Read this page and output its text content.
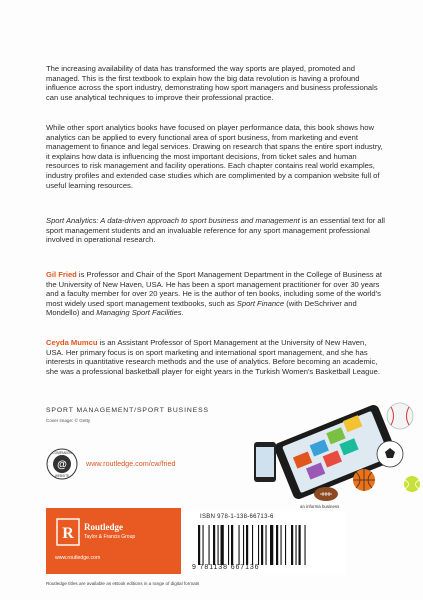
The increasing availability of data has transformed the way sports are played, promoted and managed. This is the first textbook to explain how the big data revolution is having a profound influence across the sport industry, demonstrating how sport managers and business professionals can use analytical techniques to improve their professional practice.

While other sport analytics books have focused on player performance data, this book shows how analytics can be applied to every functional area of sport business, from marketing and event management to finance and legal services. Drawing on research that spans the entire sport industry, it explains how data is influencing the most important decisions, from ticket sales and human resources to risk management and facility operations. Each chapter contains real world examples, industry profiles and extended case studies which are complimented by a companion website full of useful learning resources.

Sport Analytics: A data-driven approach to sport business and management is an essential text for all sport management students and an invaluable reference for any sport management professional involved in operational research.

Gil Fried is Professor and Chair of the Sport Management Department in the College of Business at the University of New Haven, USA. He has been a sport management practitioner for over 30 years and a faculty member for over 20 years. He is the author of ten books, including some of the world's most widely used sport management textbooks, such as Sport Finance (with DeSchriver and Mondello) and Managing Sport Facilities.

Ceyda Mumcu is an Assistant Professor of Sport Management at the University of New Haven, USA. Her primary focus is on sport marketing and international sport management, and she has interests in quantitative research methods and the use of analytics. Before becoming an academic, she was a professional basketball player for eight years in the Turkish Women's Basketball League.

SPORT MANAGEMENT/SPORT BUSINESS

Cover image: © Getty

@
COMPANION
WEBSITE

www.routledge.com/cw/fried

an informa business
R Routledge

Taylor & Francis Group

www.routledge.com

ISBN 978-1-138-66713-6

9 781138 667136

Routledge titles are available as eBook editions in a range of digital formats
